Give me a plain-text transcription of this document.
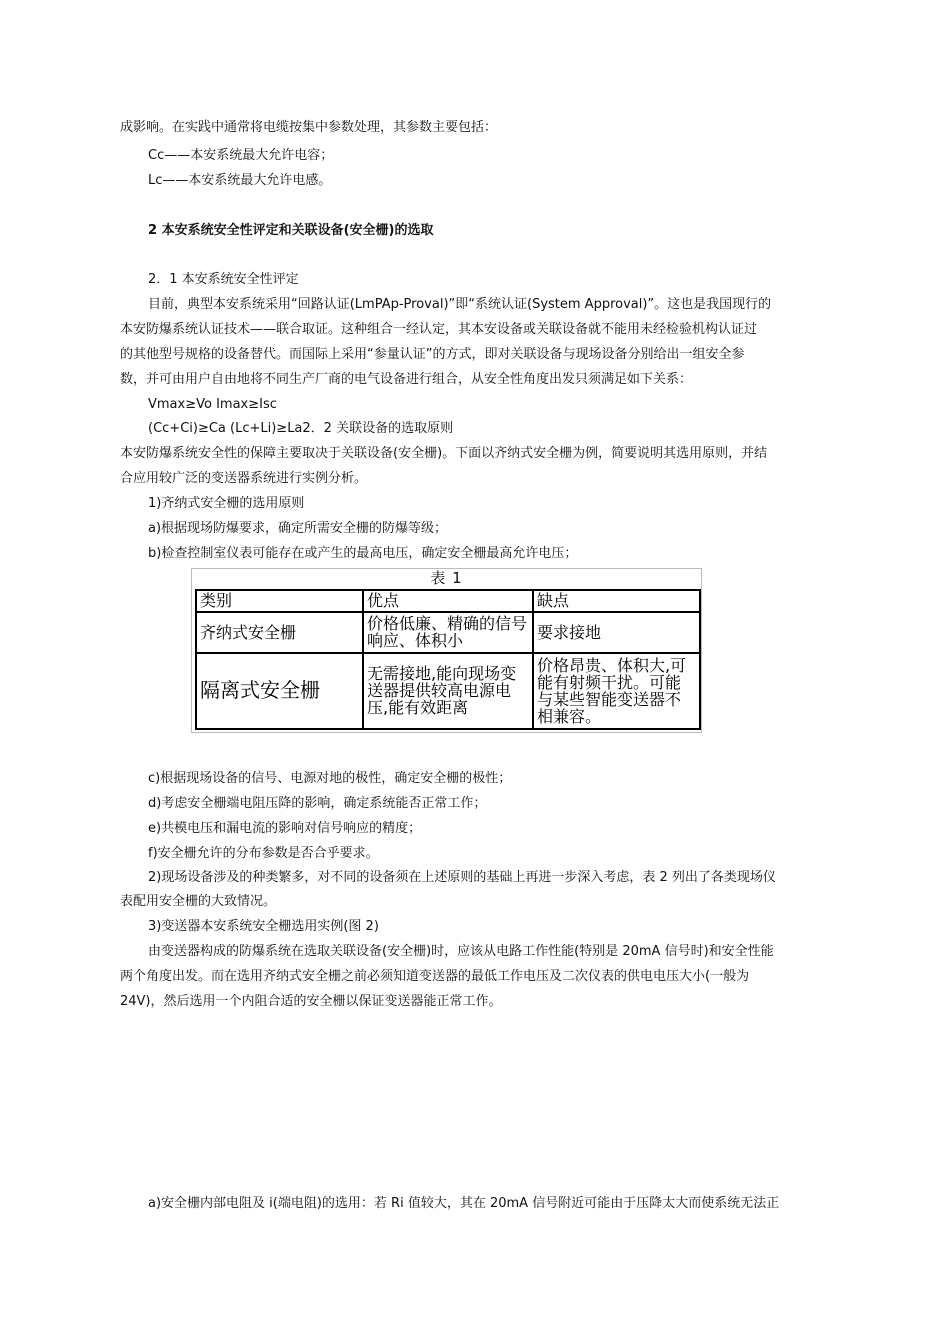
成影响。在实践中通常将电缆按集中参数处理，其参数主要包括：
Cc——本安系统最大允许电容；
Lc——本安系统最大允许电感。
2 本安系统安全性评定和关联设备(安全栅)的选取
2．1 本安系统安全性评定
目前，典型本安系统采用“回路认证(LmPAp-Proval)”即“系统认证(System Approval)”。这也是我国现行的
本安防爆系统认证技术——联合取证。这种组合一经认定，其本安设备或关联设备就不能用未经检验机构认证过
的其他型号规格的设备替代。而国际上采用“参量认证”的方式，即对关联设备与现场设备分别给出一组安全参
数，并可由用户自由地将不同生产厂商的电气设备进行组合，从安全性角度出发只须满足如下关系：
Vmax≥Vo Imax≥Isc
(Cc+Ci)≥Ca (Lc+Li)≥La2．2 关联设备的选取原则
本安防爆系统安全性的保障主要取决于关联设备(安全栅)。下面以齐纳式安全栅为例，简要说明其选用原则，并结
合应用较广泛的变送器系统进行实例分析。
1)齐纳式安全栅的选用原则
a)根据现场防爆要求，确定所需安全栅的防爆等级；
b)检查控制室仪表可能存在或产生的最高电压，确定安全栅最高允许电压；
表 1
类别	优点	缺点
齐纳式安全栅	价格低廉、精确的信号响应、体积小	要求接地
隔离式安全栅	无需接地,能向现场变送器提供较高电源电压,能有效距离	价格昂贵、体积大,可能有射频干扰。可能与某些智能变送器不相兼容。
c)根据现场设备的信号、电源对地的极性，确定安全栅的极性；
d)考虑安全栅端电阻压降的影响，确定系统能否正常工作；
e)共模电压和漏电流的影响对信号响应的精度；
f)安全栅允许的分布参数是否合乎要求。
2)现场设备涉及的种类繁多，对不同的设备须在上述原则的基础上再进一步深入考虑，表 2 列出了各类现场仪
表配用安全栅的大致情况。
3)变送器本安系统安全栅选用实例(图 2)
由变送器构成的防爆系统在选取关联设备(安全栅)时，应该从电路工作性能(特别是 20mA 信号时)和安全性能
两个角度出发。而在选用齐纳式安全栅之前必须知道变送器的最低工作电压及二次仪表的供电电压大小(一般为
24V)，然后选用一个内阻合适的安全栅以保证变送器能正常工作。
a)安全栅内部电阻及 i(端电阻)的选用：若 Ri 值较大，其在 20mA 信号附近可能由于压降太大而使系统无法正
